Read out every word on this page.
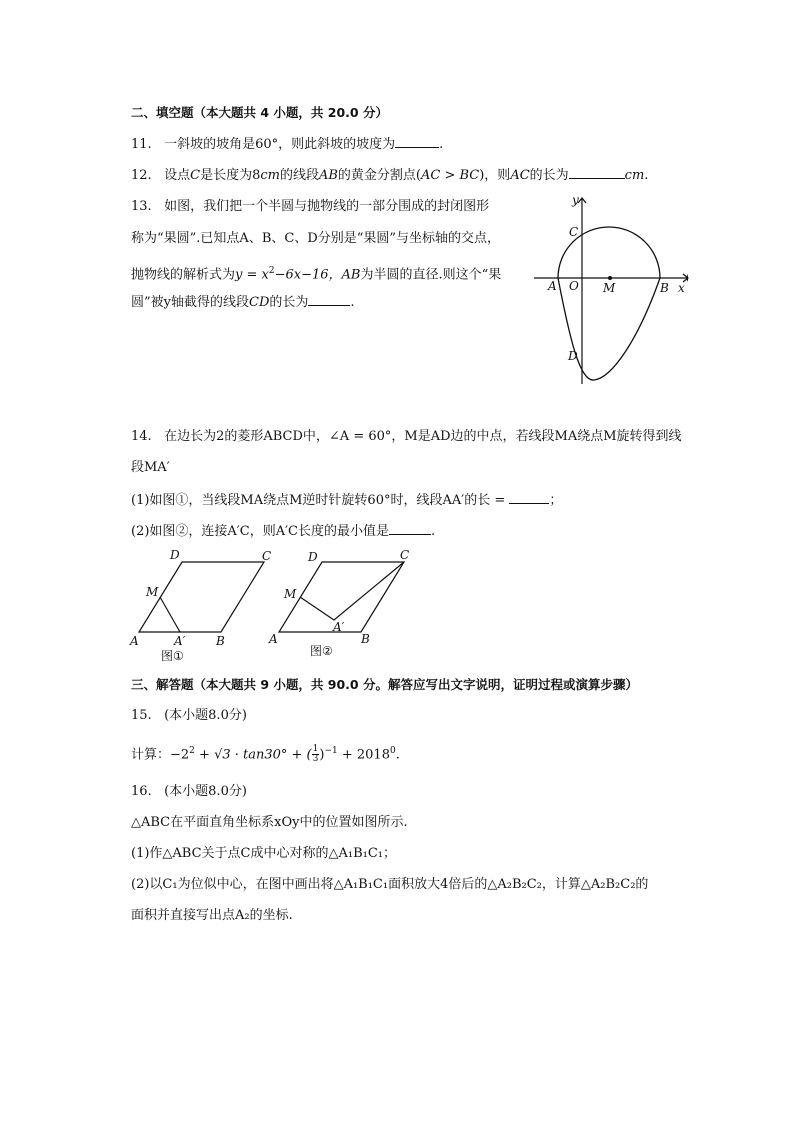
二、填空题（本大题共 4 小题，共 20.0 分）
11. 一斜坡的坡角是60°，则此斜坡的坡度为	.
12. 设点C是长度为8cm的线段AB的黄金分割点(AC > BC)，则AC的长为	cm.
13. 如图，我们把一个半圆与抛物线的一部分围成的封闭图形
称为“果圆”.已知点A、B、C、D分别是“果圆”与坐标轴的交点，
抛物线的解析式为$y = x^2-6x-16$，AB为半圆的直径.则这个“果
圆”被y轴截得的线段CD的长为	.
y
x
C
A O M	B
D
14. 在边长为2的菱形ABCD中，∠A = 60°，M是AD边的中点，若线段MA绕点M旋转得到线
段MA′
(1)如图①，当线段MA绕点M逆时针旋转60°时，线段AA′的长 =	；
(2)如图②，连接A′C，则A′C长度的最小值是	.
D	C
M
A	A′	B
图①
D	C
M
A
A′
B
图②
三、解答题（本大题共 9 小题，共 90.0 分。解答应写出文字说明，证明过程或演算步骤）
15. (本小题8.0分)
计算：$-2^2 + √3 \cdot \tan 30^\circ$ + ( $\frac{1}{3} )^{-1} + 2018^0$.
16. (本小题8.0分)
△ABC在平面直角坐标系xOy中的位置如图所示.
(1)作△ABC关于点C成中心对称的△A₁B₁C₁；
(2)以C₁为位似中心，在图中画出将△A₁B₁C₁面积放大4倍后的△A₂B₂C₂，计算△A₂B₂C₂的
面积并直接写出点A₂的坐标.
